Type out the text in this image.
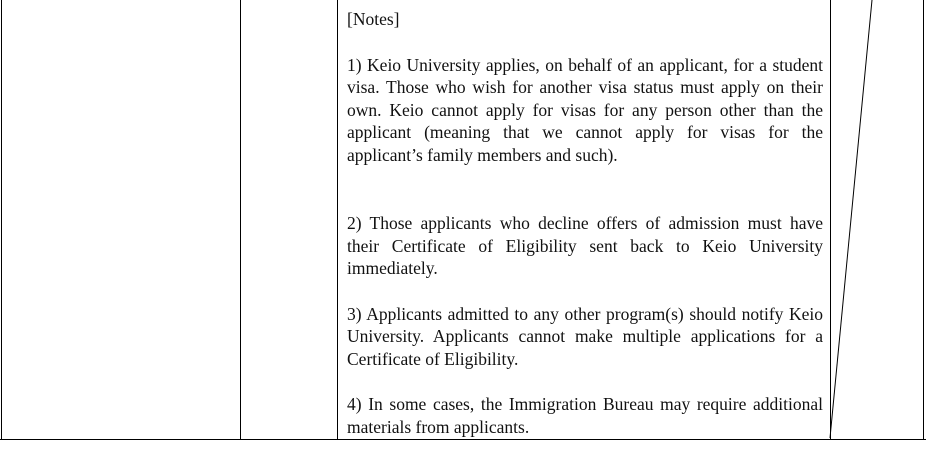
[Notes]

1) Keio University applies, on behalf of an applicant, for a student visa. Those who wish for another visa status must apply on their own. Keio cannot apply for visas for any person other than the applicant (meaning that we cannot apply for visas for the applicant’s family members and such).

2) Those applicants who decline offers of admission must have their Certificate of Eligibility sent back to Keio University immediately.

3) Applicants admitted to any other program(s) should notify Keio University. Applicants cannot make multiple applications for a Certificate of Eligibility.

4) In some cases, the Immigration Bureau may require additional materials from applicants.
